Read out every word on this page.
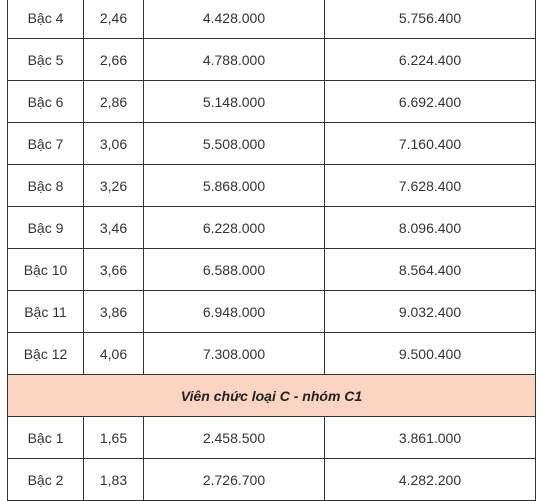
Bậc 4	2,46	4.428.000	5.756.400
Bậc 5	2,66	4.788.000	6.224.400
Bậc 6	2,86	5.148.000	6.692.400
Bậc 7	3,06	5.508.000	7.160.400
Bậc 8	3,26	5.868.000	7.628.400
Bậc 9	3,46	6.228.000	8.096.400
Bậc 10	3,66	6.588.000	8.564.400
Bậc 11	3,86	6.948.000	9.032.400
Bậc 12	4,06	7.308.000	9.500.400
Viên chức loại C - nhóm C1			
Bậc 1	1,65	2.458.500	3.861.000
Bậc 2	1,83	2.726.700	4.282.200
